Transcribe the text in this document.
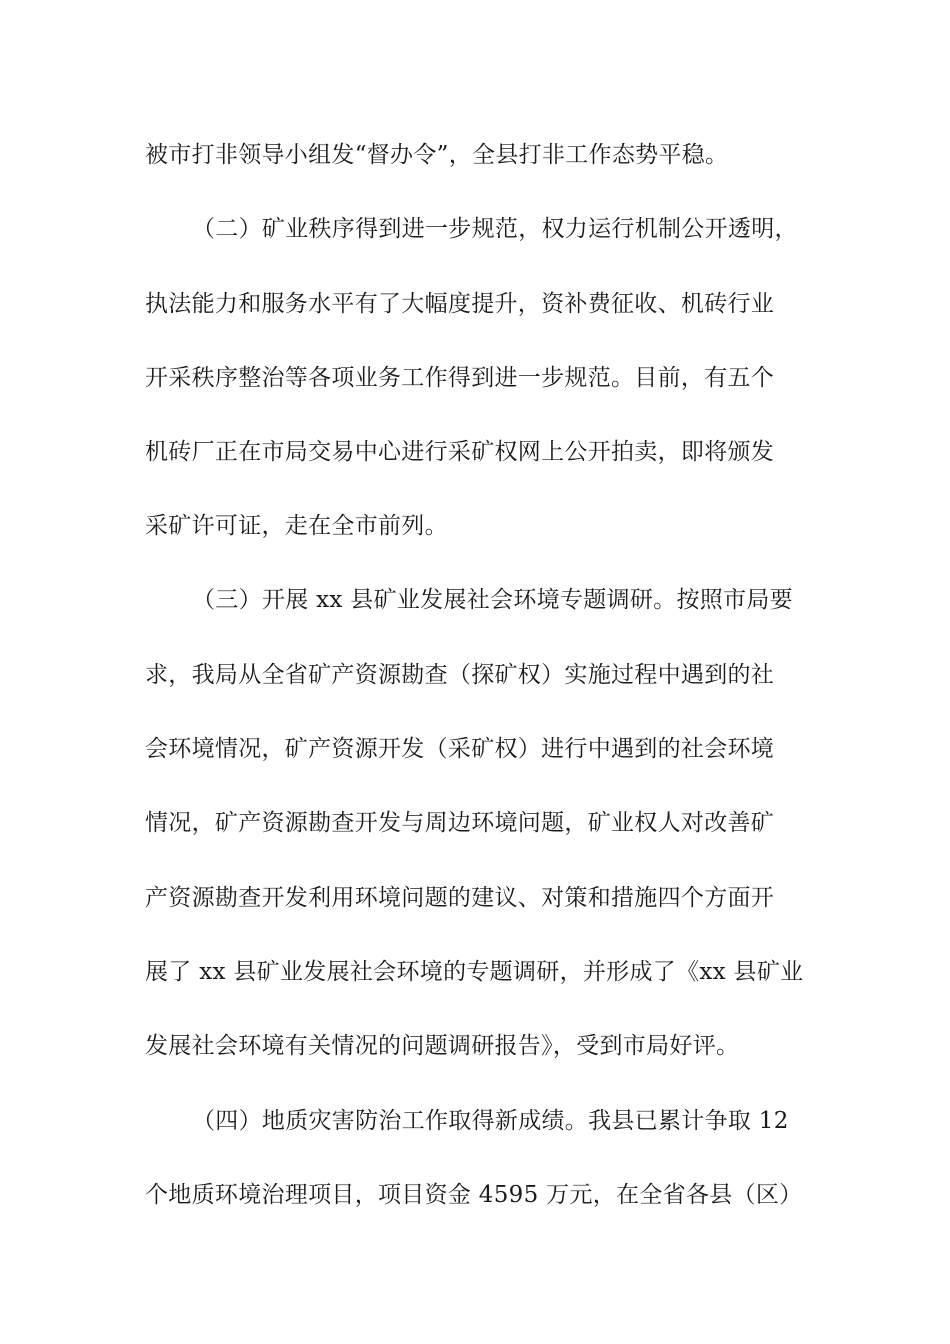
被市打非领导小组发“督办令”，全县打非工作态势平稳。
（二）矿业秩序得到进一步规范，权力运行机制公开透明，
执法能力和服务水平有了大幅度提升，资补费征收、机砖行业
开采秩序整治等各项业务工作得到进一步规范。目前，有五个
机砖厂正在市局交易中心进行采矿权网上公开拍卖，即将颁发
采矿许可证，走在全市前列。
（三）开展 xx 县矿业发展社会环境专题调研。按照市局要
求，我局从全省矿产资源勘查（探矿权）实施过程中遇到的社
会环境情况，矿产资源开发（采矿权）进行中遇到的社会环境
情况，矿产资源勘查开发与周边环境问题，矿业权人对改善矿
产资源勘查开发利用环境问题的建议、对策和措施四个方面开
展了 xx 县矿业发展社会环境的专题调研，并形成了《xx 县矿业
发展社会环境有关情况的问题调研报告》，受到市局好评。
（四）地质灾害防治工作取得新成绩。我县已累计争取 12
个地质环境治理项目，项目资金 4595 万元，在全省各县（区）
